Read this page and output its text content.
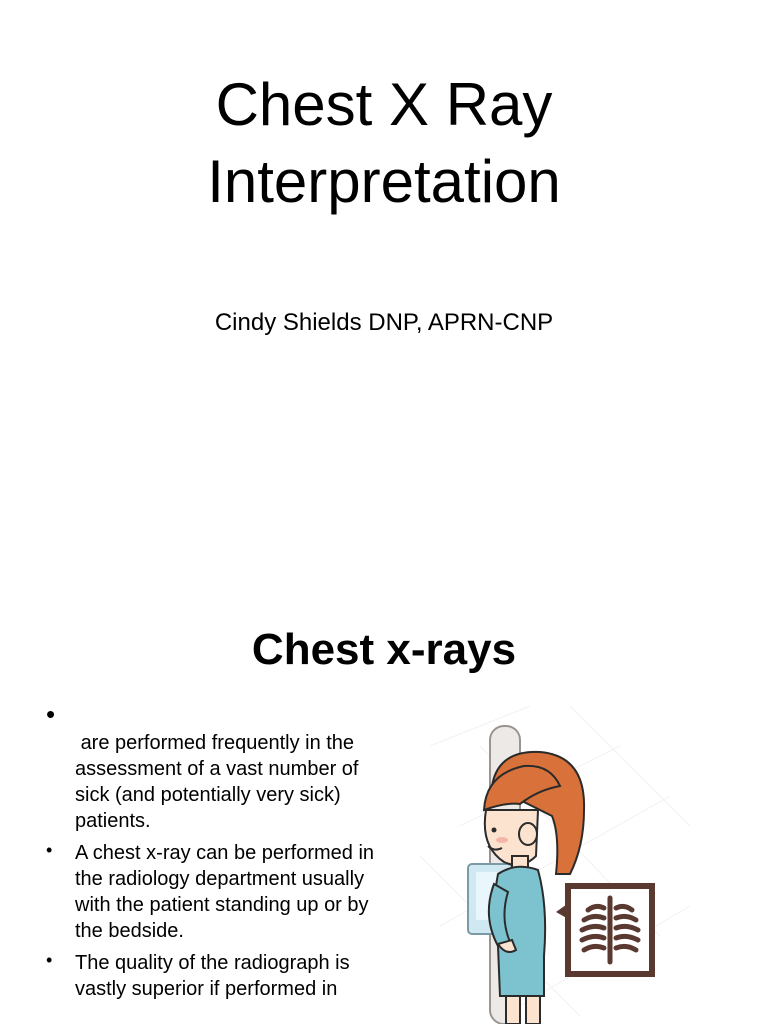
Chest X Ray
Interpretation

Cindy Shields DNP, APRN-CNP

Chest x-rays
•
are performed frequently in the assessment of a vast number of sick (and potentially very sick) patients.
• A chest x-ray can be performed in the radiology department usually with the patient standing up or by the bedside.
• The quality of the radiograph is vastly superior if performed in
